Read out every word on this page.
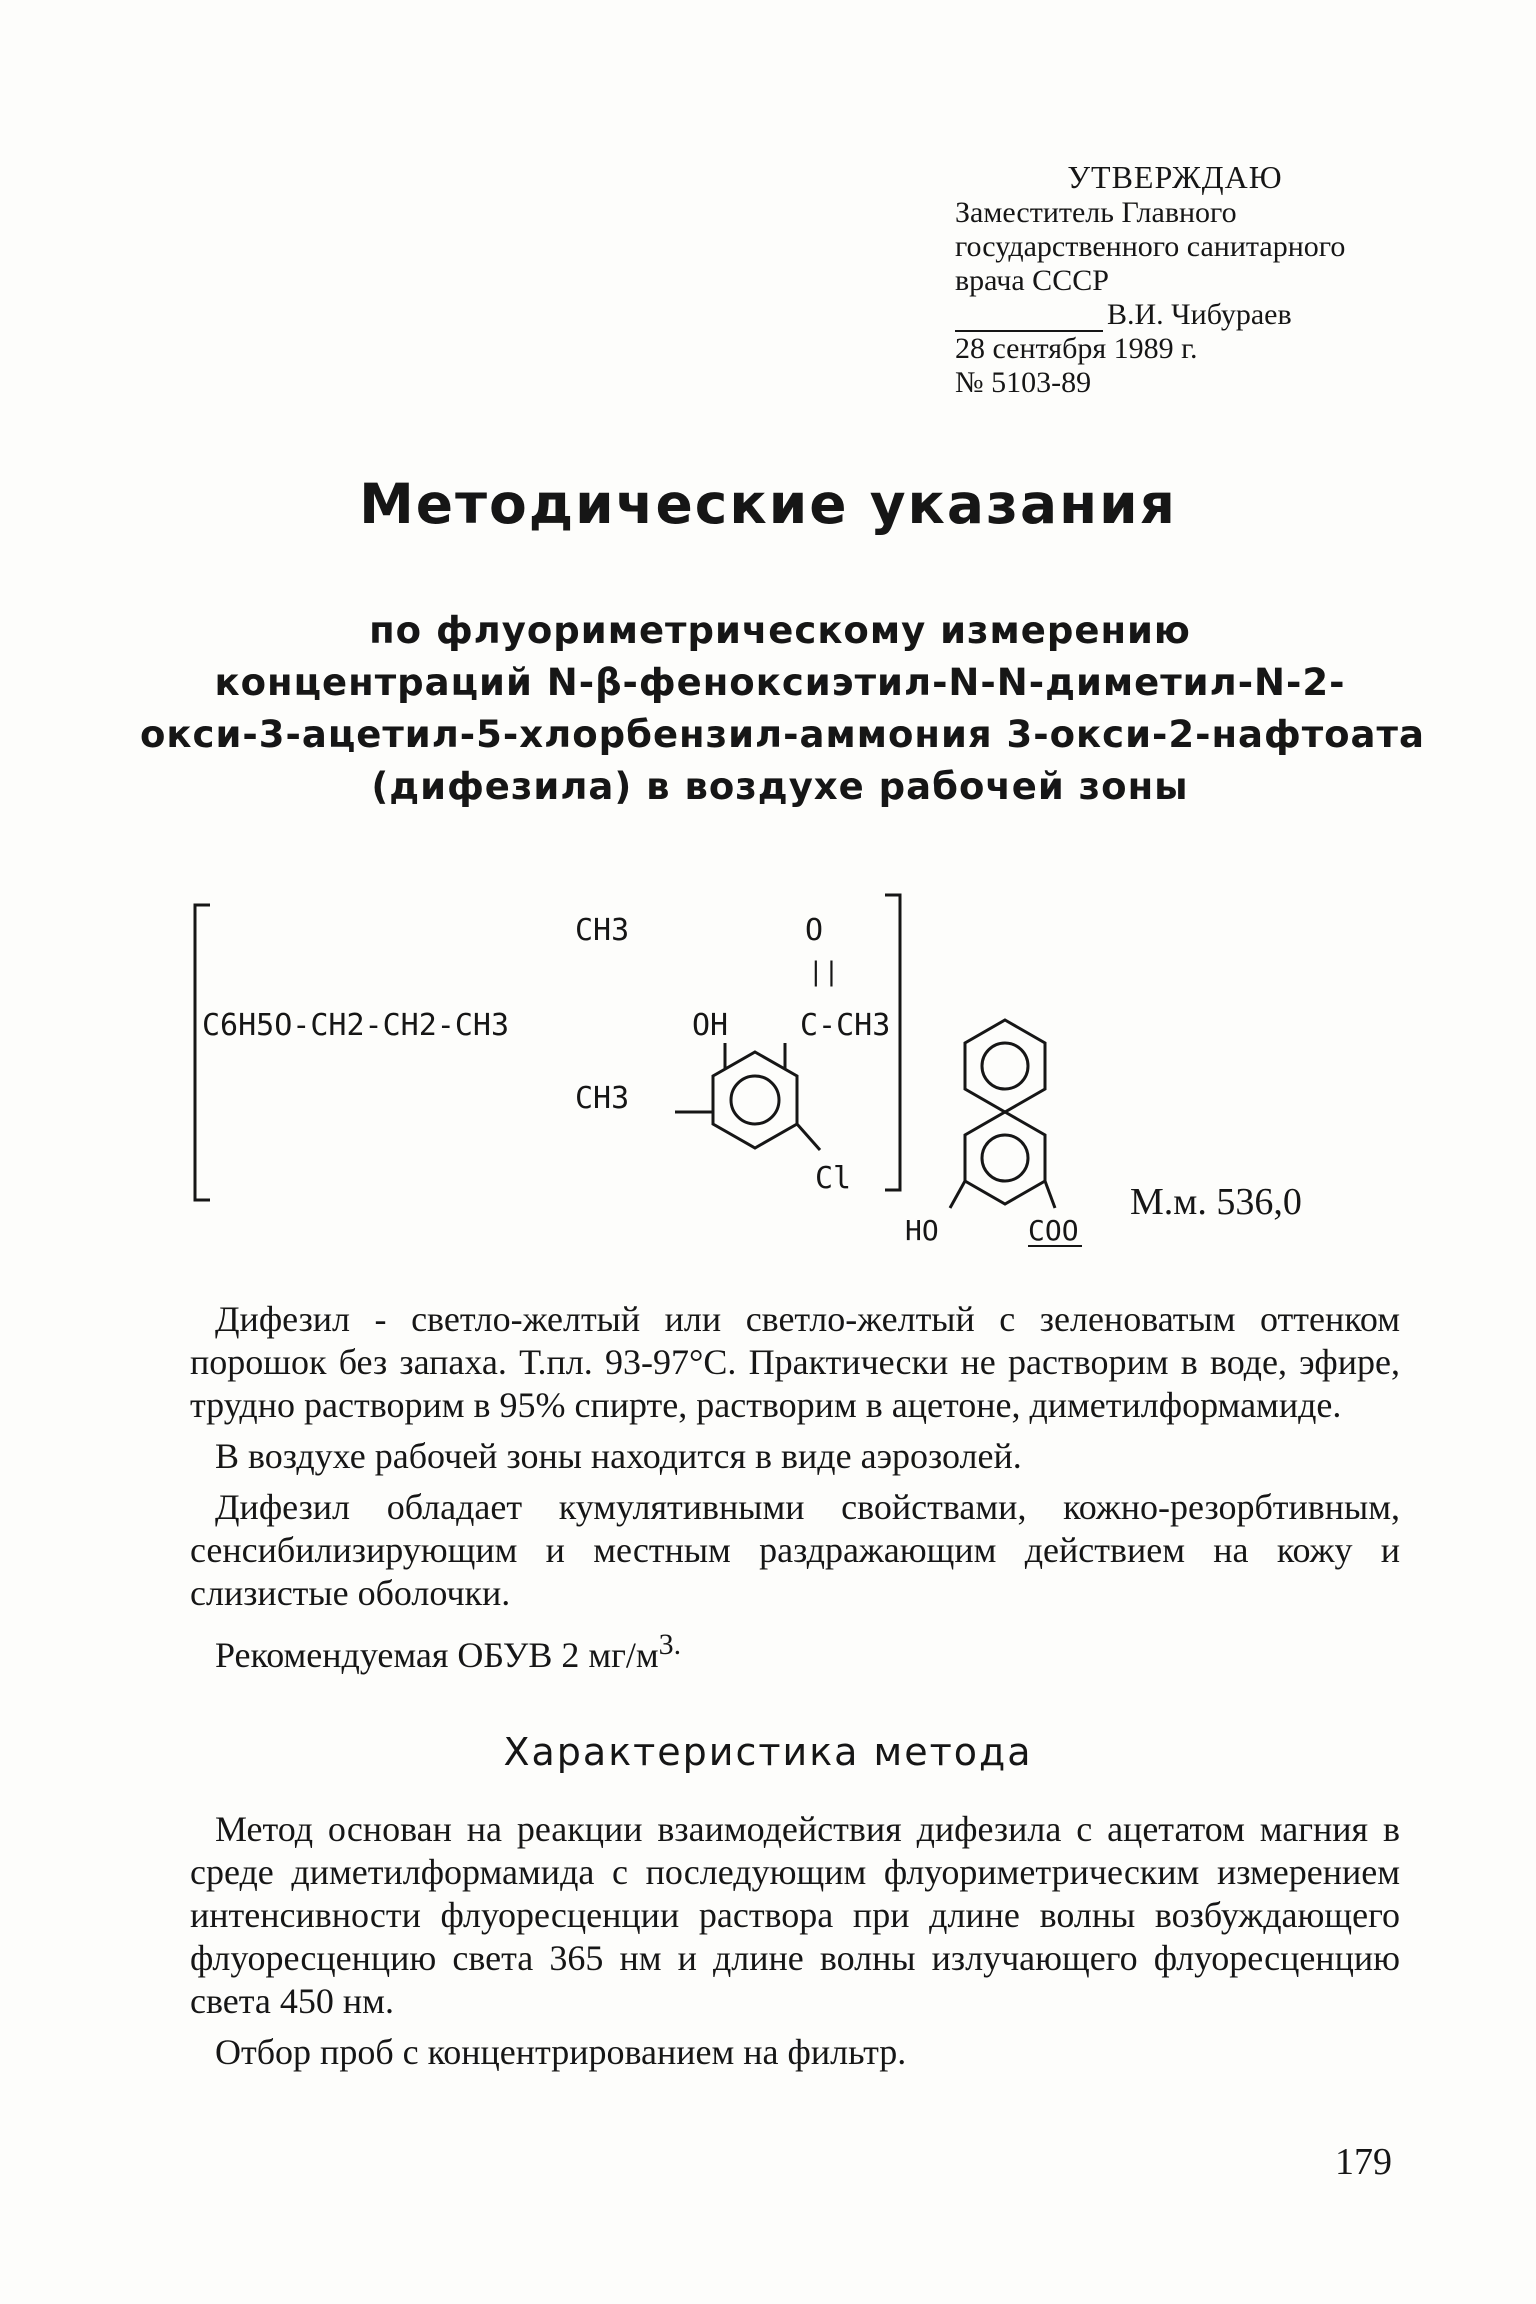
УТВЕРЖДАЮ
Заместитель Главного
государственного санитарного
врача СССР
В.И. Чибураев
28 сентября 1989 г.
№ 5103-89
Методические указания
по флуориметрическому измерению
концентраций N-β-феноксиэтил-N-N-диметил-N-2-
окси-3-ацетил-5-хлорбензил-аммония 3-окси-2-нафтоата
(дифезила) в воздухе рабочей зоны
CH3	O
||
C6H5O-CH2-CH2-CH3	OH C-CH3
CH3
Cl
HO	COO
М.м. 536,0

Дифезил - светло-желтый или светло-желтый с зеленоватым оттенком порошок без запаха. Т.пл. 93-97°С. Практически не растворим в воде, эфире, трудно растворим в 95% спирте, растворим в ацетоне, диметилформамиде.

В воздухе рабочей зоны находится в виде аэрозолей.

Дифезил обладает кумулятивными свойствами, кожно-резорбтивным, сенсибилизирующим и местным раздражающим действием на кожу и слизистые оболочки.

Рекомендуемая ОБУВ 2 $мг/м^{3.}$

Характеристика метода

Метод основан на реакции взаимодействия дифезила с ацетатом магния в среде диметилформамида с последующим флуориметрическим измерением интенсивности флуоресценции раствора при длине волны возбуждающего флуоресценцию света 365 нм и длине волны излучающего флуоресценцию света 450 нм.

Отбор проб с концентрированием на фильтр.

179
